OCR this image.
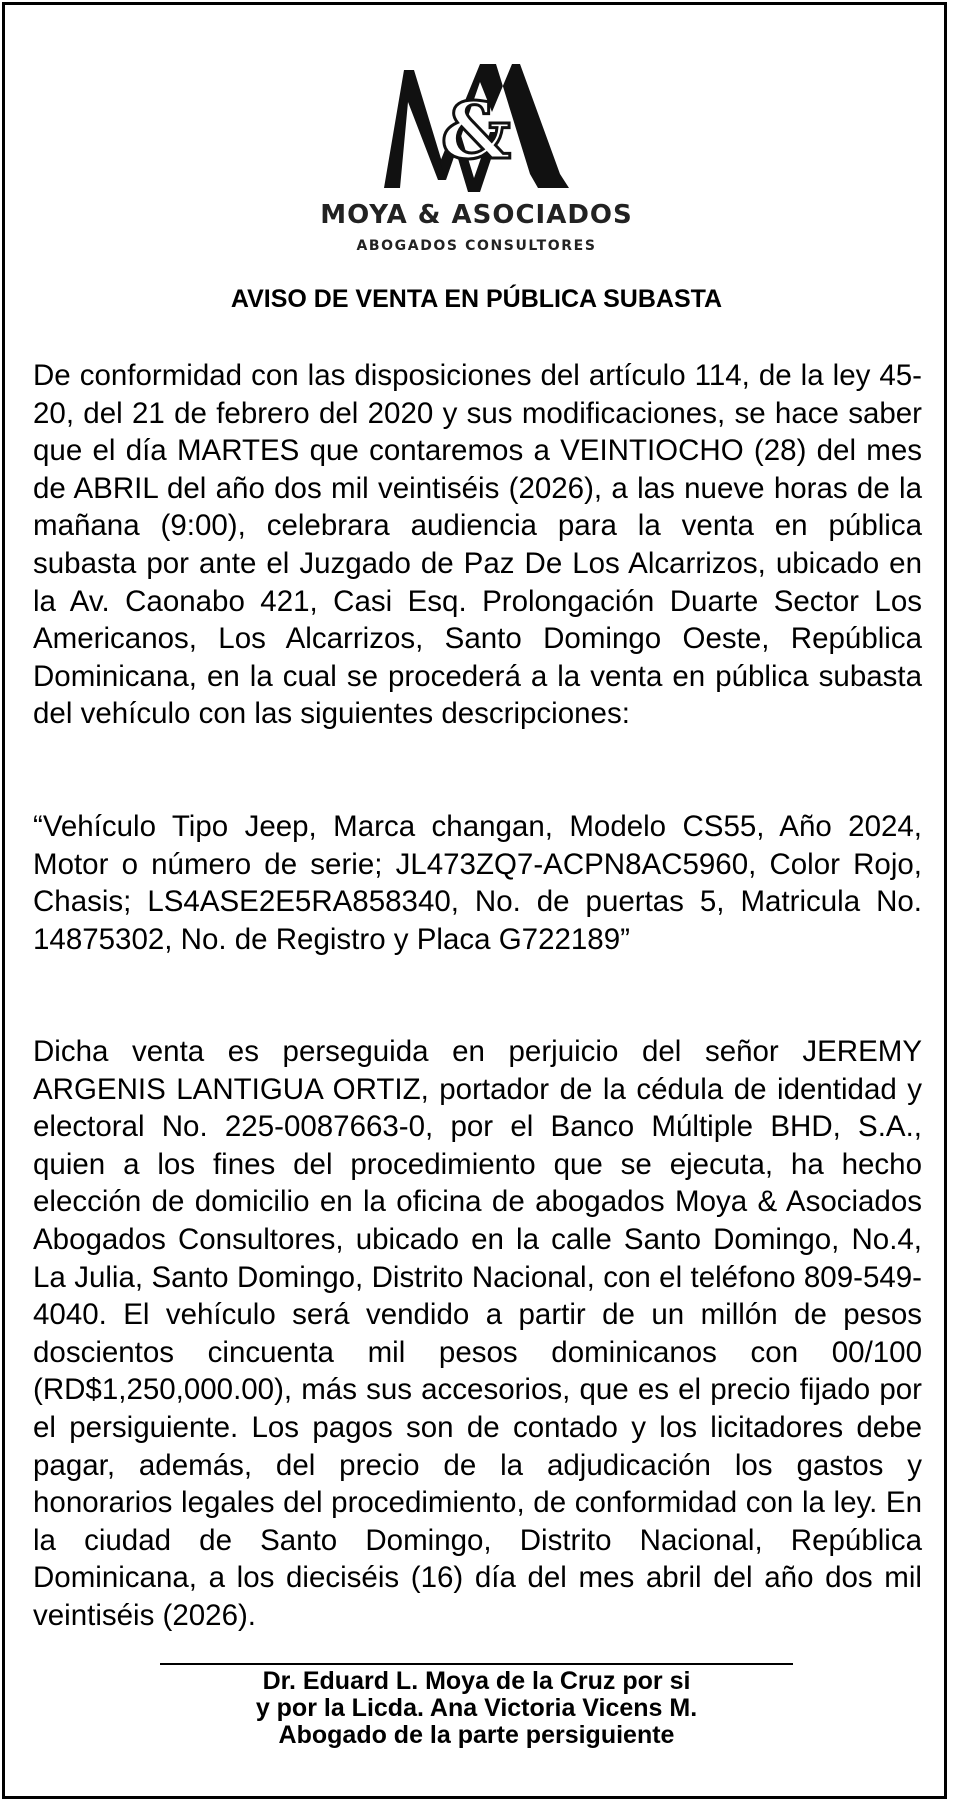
&
MOYA & ASOCIADOS
ABOGADOS CONSULTORES
AVISO DE VENTA EN PÚBLICA SUBASTA

De conformidad con las disposiciones del artículo 114, de la ley 45-20, del 21 de febrero del 2020 y sus modificaciones, se hace saber que el día MARTES que contaremos a VEINTIOCHO (28) del mes de ABRIL del año dos mil veintiséis (2026), a las nueve horas de la mañana (9:00), celebrara audiencia para la venta en pública subasta por ante el Juzgado de Paz De Los Alcarrizos, ubicado en la Av. Caonabo 421, Casi Esq. Prolongación Duarte Sector Los Americanos, Los Alcarrizos, Santo Domingo Oeste, República Dominicana, en la cual se procederá a la venta en pública subasta del vehículo con las siguientes descripciones:

“Vehículo Tipo Jeep, Marca changan, Modelo CS55, Año 2024, Motor o número de serie; JL473ZQ7-ACPN8AC5960, Color Rojo, Chasis; LS4ASE2E5RA858340, No. de puertas 5, Matricula No. 14875302, No. de Registro y Placa G722189”

Dicha venta es perseguida en perjuicio del señor JEREMY ARGENIS LANTIGUA ORTIZ, portador de la cédula de identidad y electoral No. 225-0087663-0, por el Banco Múltiple BHD, S.A., quien a los fines del procedimiento que se ejecuta, ha hecho elección de domicilio en la oficina de abogados Moya & Asociados Abogados Consultores, ubicado en la calle Santo Domingo, No.4, La Julia, Santo Domingo, Distrito Nacional, con el teléfono 809-549-4040. El vehículo será vendido a partir de un millón de pesos doscientos cincuenta mil pesos dominicanos con 00/100 (RD$1,250,000.00), más sus accesorios, que es el precio fijado por el persiguiente. Los pagos son de contado y los licitadores debe pagar, además, del precio de la adjudicación los gastos y honorarios legales del procedimiento, de conformidad con la ley. En la ciudad de Santo Domingo, Distrito Nacional, República Dominicana, a los dieciséis (16) día del mes abril del año dos mil veintiséis (2026).

Dr. Eduard L. Moya de la Cruz por si
y por la Licda. Ana Victoria Vicens M.
Abogado de la parte persiguiente
